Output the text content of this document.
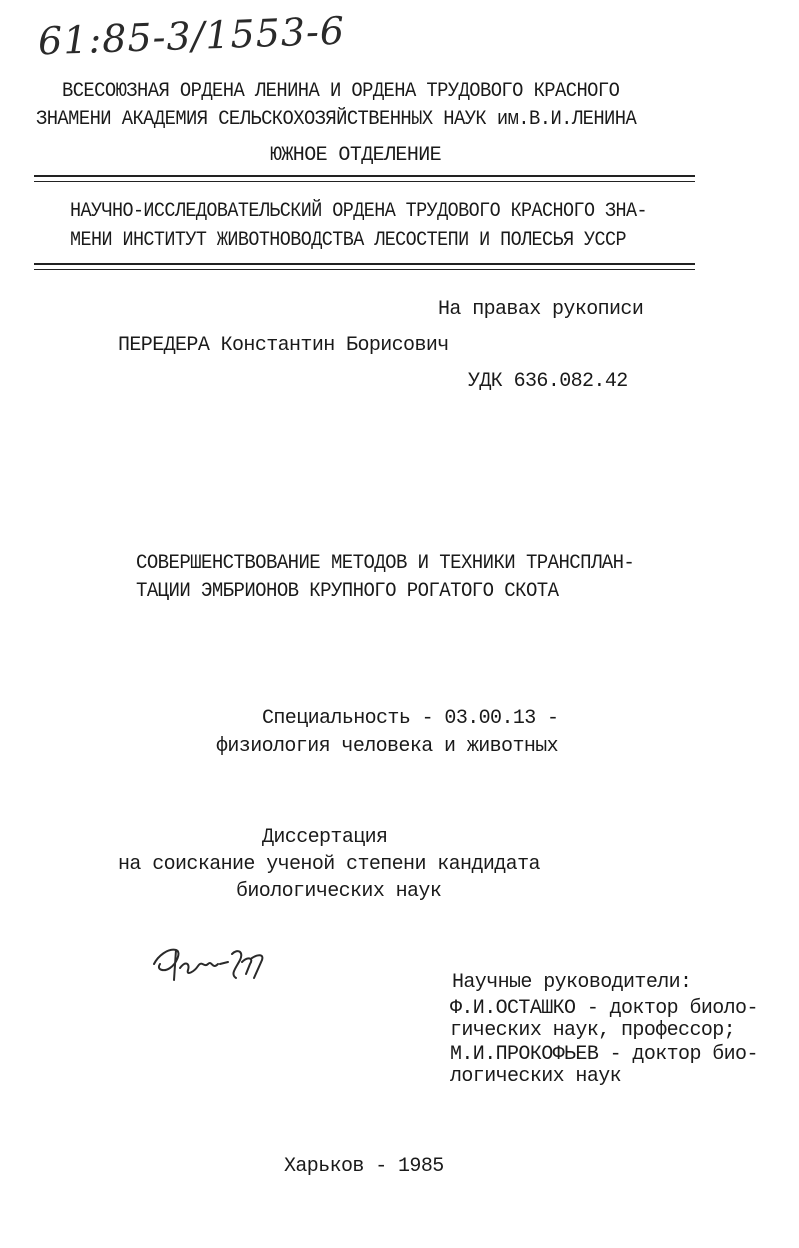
61:85-3/1553-6
ВСЕСОЮЗНАЯ ОРДЕНА ЛЕНИНА И ОРДЕНА ТРУДОВОГО КРАСНОГО
ЗНАМЕНИ АКАДЕМИЯ СЕЛЬСКОХОЗЯЙСТВЕННЫХ НАУК им.В.И.ЛЕНИНА
ЮЖНОЕ ОТДЕЛЕНИЕ
НАУЧНО-ИССЛЕДОВАТЕЛЬСКИЙ ОРДЕНА ТРУДОВОГО КРАСНОГО ЗНА-
МЕНИ ИНСТИТУТ ЖИВОТНОВОДСТВА ЛЕСОСТЕПИ И ПОЛЕСЬЯ УССР
На правах рукописи
ПЕРЕДЕРА Константин Борисович
УДК 636.082.42
СОВЕРШЕНСТВОВАНИЕ МЕТОДОВ И ТЕХНИКИ ТРАНСПЛАН-
ТАЦИИ ЭМБРИОНОВ КРУПНОГО РОГАТОГО СКОТА
Специальность - 03.00.13 -
физиология человека и животных
Диссертация
на соискание ученой степени кандидата
биологических наук
Научные руководители:
Ф.И.ОСТАШКО - доктор биоло-
гических наук, профессор;
М.И.ПРОКОФЬЕВ - доктор био-
логических наук
Харьков - 1985
